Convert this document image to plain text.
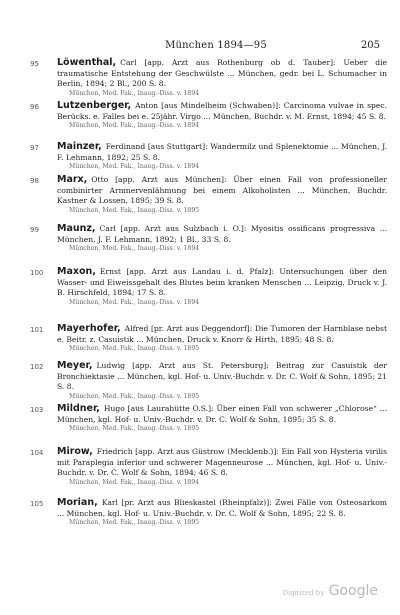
München 1894—95	205
95 Löwenthal, Carl [app. Arzt aus Rothenburg ob d. Tauber]: Ueber die traumatische Entstehung der Geschwülste ... München, gedr. bei L. Schumacher in Berlin, 1894; 2 Bl., 200 S. 8.
München, Med. Fak., Inaug.-Diss. v. 1894
96 Lutzenberger, Anton [aus Mindelheim (Schwaben)]: Carcinoma vulvae in spec. Berücks. e. Falles bei e. 25jähr. Virgo ... München, Buchdr. v. M. Ernst, 1894; 45 S. 8.
München, Med. Fak., Inaug.-Diss. v. 1894
97 Mainzer, Ferdinand [aus Stuttgart]: Wandermilz und Splenektomie ... München, J. F. Lehmann, 1892; 25 S. 8.
München, Med. Fak., Inaug.-Diss. v. 1894
98 Marx, Otto [app. Arzt aus München]: Über einen Fall von professioneller combinirter Armnervenlähmung bei einem Alkoholisten ... München, Buchdr. Kastner & Lossen, 1895; 39 S. 8.
München, Med. Fak., Inaug.-Diss. v. 1895
99 Maunz, Carl [app. Arzt aus Sulzbach i. O.]: Myositis ossificans progressiva ... München, J. F. Lehmann, 1892; 1 Bl., 33 S. 8.
München, Med. Fak., Inaug.-Diss. v. 1894
100 Maxon, Ernst [app. Arzt aus Landau i. d. Pfalz]: Untersuchungen über den Wasser- und Eiweissgehalt des Blutes beim kranken Menschen ... Leipzig, Druck v. J. B. Hirschfeld, 1894; 17 S. 8.
München, Med. Fak., Inaug.-Diss. v. 1894
101 Mayerhofer, Alfred [pr. Arzt aus Deggendorf]: Die Tumoren der Harnblase nebst e. Beitr. z. Casuistik ... München, Druck v. Knorr & Hirth, 1895; 48 S. 8.
München, Med. Fak., Inaug.-Diss. v. 1895
102 Meyer, Ludwig [app. Arzt aus St. Petersburg]: Beitrag zur Casuistik der Bronchiektasie ... München, kgl. Hof- u. Univ.-Buchdr. v. Dr. C. Wolf & Sohn, 1895; 21 S. 8.
München, Med. Fak., Inaug.-Diss. v. 1895
103 Mildner, Hugo [aus Laurahütte O.S.]: Über einen Fall von schwerer „Chlorose“ ... München, kgl. Hof- u. Univ.-Buchdr. v. Dr. C. Wolf & Sohn, 1895; 35 S. 8.
München, Med. Fak., Inaug.-Diss. v. 1895
104 Mirow, Friedrich [app. Arzt aus Güstrow (Mecklenb.)]: Ein Fall von Hysteria virilis mit Paraplegia inferior und schwerer Magenneurose ... München, kgl. Hof- u. Univ.-Buchdr. v. Dr. C. Wolf & Sohn, 1894; 46 S. 8.
München, Med. Fak., Inaug.-Diss. v. 1894
105 Morian, Karl [pr. Arzt aus Blieskastel (Rheinpfalz)]: Zwei Fälle von Osteosarkom ... München, kgl. Hof- u. Univ.-Buchdr. v. Dr. C. Wolf & Sohn, 1895; 22 S. 8.
München, Med. Fak., Inaug.-Diss. v. 1895
Digitized by Google
